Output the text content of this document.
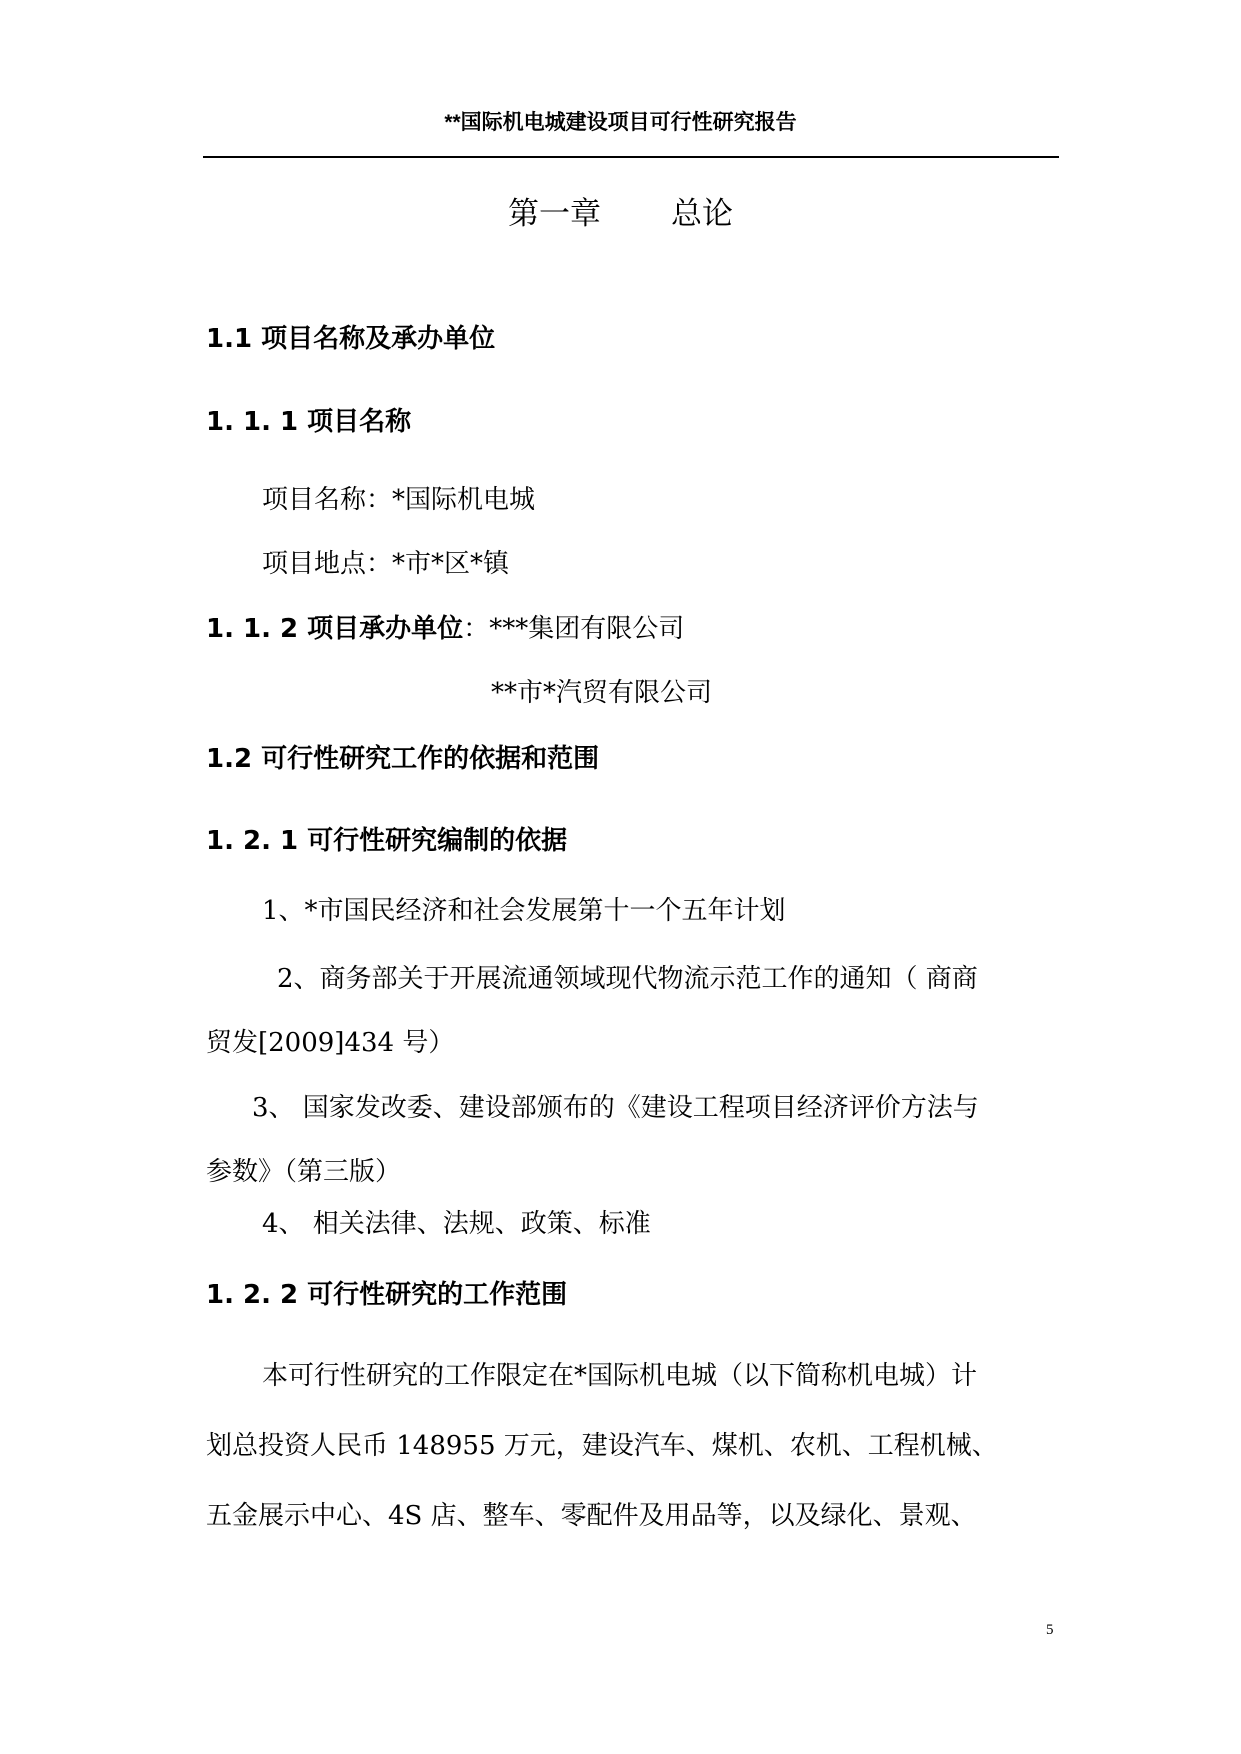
**国际机电城建设项目可行性研究报告
第一章 总论
1.1 项目名称及承办单位
1. 1. 1 项目名称
项目名称：*国际机电城
项目地点：*市*区*镇
1. 1. 2 项目承办单位：***集团有限公司
**市*汽贸有限公司
1.2 可行性研究工作的依据和范围
1. 2. 1 可行性研究编制的依据
1、*市国民经济和社会发展第十一个五年计划
2、商务部关于开展流通领域现代物流示范工作的通知（ 商商
贸发[2009]434 号）
3、 国家发改委、建设部颁布的《建设工程项目经济评价方法与
参数》（第三版）
4、 相关法律、法规、政策、标准
1. 2. 2 可行性研究的工作范围
本可行性研究的工作限定在*国际机电城（以下简称机电城）计
划总投资人民币 148955 万元，建设汽车、煤机、农机、工程机械、
五金展示中心、4S 店、整车、零配件及用品等，以及绿化、景观、
5
